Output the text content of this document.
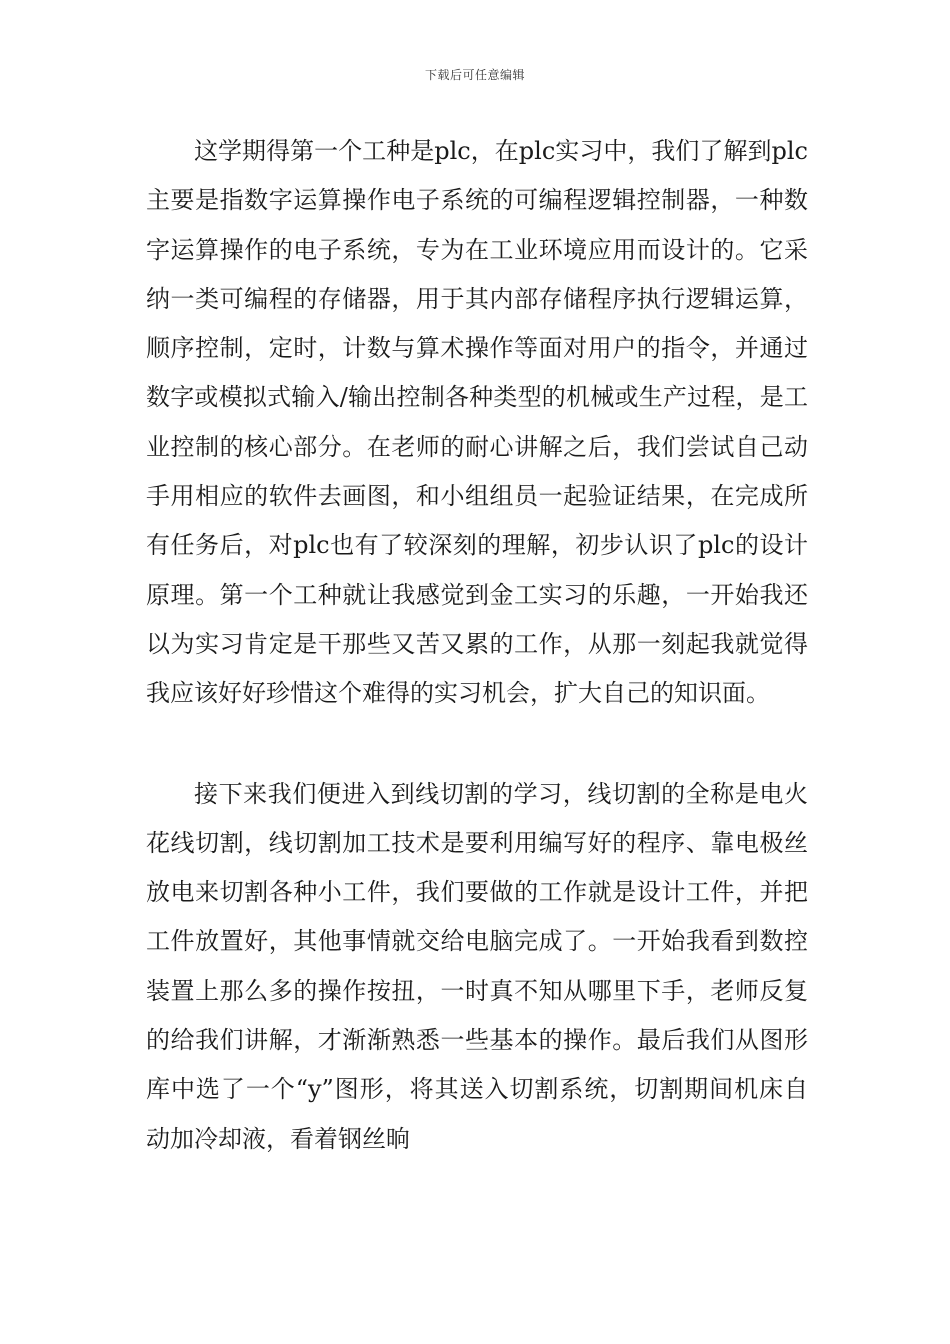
下载后可任意编辑

这学期得第一个工种是plc，在plc实习中，我们了解到plc主要是指数字运算操作电子系统的可编程逻辑控制器，一种数字运算操作的电子系统，专为在工业环境应用而设计的。它采纳一类可编程的存储器，用于其内部存储程序执行逻辑运算，顺序控制，定时，计数与算术操作等面对用户的指令，并通过数字或模拟式输入/输出控制各种类型的机械或生产过程，是工业控制的核心部分。在老师的耐心讲解之后，我们尝试自己动手用相应的软件去画图，和小组组员一起验证结果，在完成所有任务后，对plc也有了较深刻的理解，初步认识了plc的设计原理。第一个工种就让我感觉到金工实习的乐趣，一开始我还以为实习肯定是干那些又苦又累的工作，从那一刻起我就觉得我应该好好珍惜这个难得的实习机会，扩大自己的知识面。

接下来我们便进入到线切割的学习，线切割的全称是电火花线切割，线切割加工技术是要利用编写好的程序、靠电极丝放电来切割各种小工件，我们要做的工作就是设计工件，并把工件放置好，其他事情就交给电脑完成了。一开始我看到数控装置上那么多的操作按扭，一时真不知从哪里下手，老师反复的给我们讲解，才渐渐熟悉一些基本的操作。最后我们从图形库中选了一个“y”图形，将其送入切割系统，切割期间机床自动加冷却液，看着钢丝晌
